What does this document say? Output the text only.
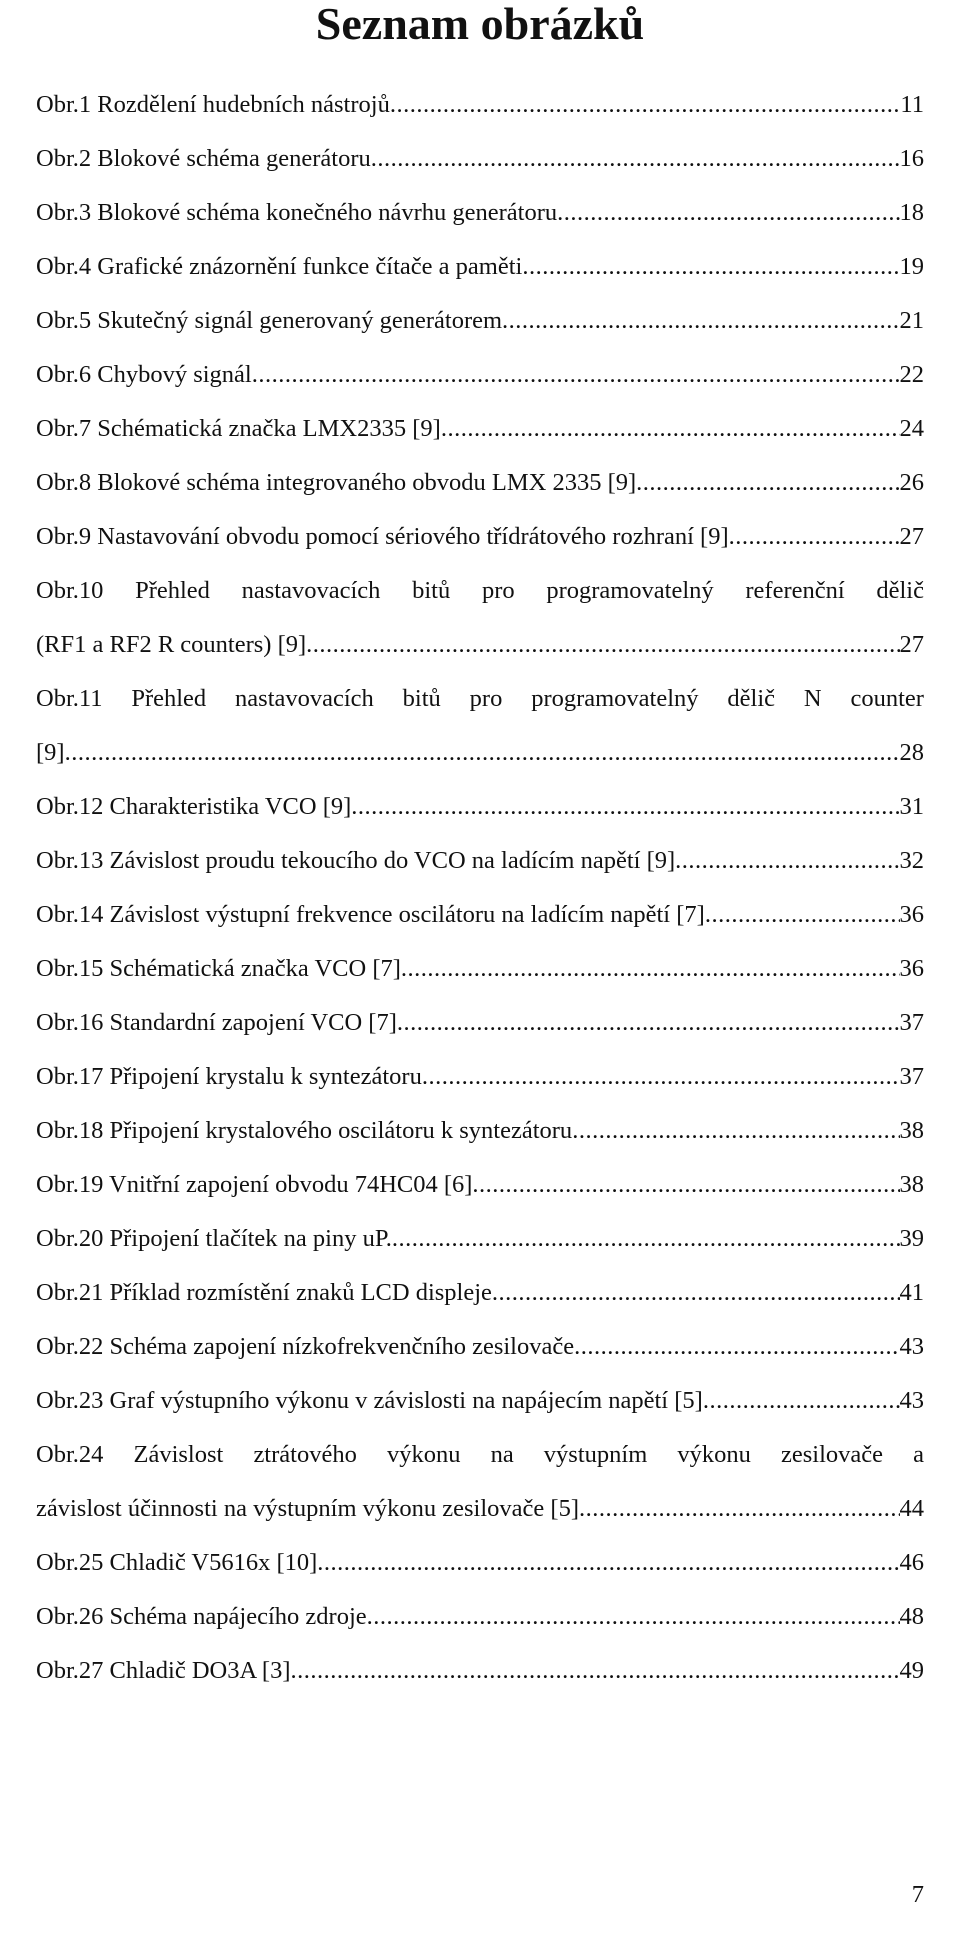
Seznam obrázků
Obr.1 Rozdělení hudebních nástrojů .....	11
Obr.2 Blokové schéma generátoru .....	16
Obr.3 Blokové schéma konečného návrhu generátoru .....	18
Obr.4 Grafické znázornění funkce čítače a paměti .....	19
Obr.5 Skutečný signál generovaný generátorem .....	21
Obr.6 Chybový signál .....	22
Obr.7 Schématická značka LMX2335 [9] .....	24
Obr.8 Blokové schéma integrovaného obvodu LMX 2335 [9] .....	26
Obr.9 Nastavování obvodu pomocí sériového třídrátového rozhraní [9] .....	27
Obr.10 Přehled nastavovacích bitů pro programovatelný referenční dělič
(RF1 a RF2 R counters) [9] .....	27
Obr.11 Přehled nastavovacích bitů pro programovatelný dělič N counter
[9] .....	28
Obr.12 Charakteristika VCO [9] .....	31
Obr.13 Závislost proudu tekoucího do VCO na ladícím napětí [9] .....	32
Obr.14 Závislost výstupní frekvence oscilátoru na ladícím napětí [7] .....	36
Obr.15 Schématická značka VCO [7] .....	36
Obr.16 Standardní zapojení VCO [7] .....	37
Obr.17 Připojení krystalu k syntezátoru .....	37
Obr.18 Připojení krystalového oscilátoru k syntezátoru .....	38
Obr.19 Vnitřní zapojení obvodu 74HC04 [6] .....	38
Obr.20 Připojení tlačítek na piny uP. .....	39
Obr.21 Příklad rozmístění znaků LCD displeje .....	41
Obr.22 Schéma zapojení nízkofrekvenčního zesilovače .....	43
Obr.23 Graf výstupního výkonu v závislosti na napájecím napětí [5] .....	43
Obr.24 Závislost ztrátového výkonu na výstupním výkonu zesilovače a
závislost účinnosti na výstupním výkonu zesilovače [5] .....	44
Obr.25 Chladič V5616x [10] .....	46
Obr.26 Schéma napájecího zdroje .....	48
Obr.27 Chladič DO3A [3] .....	49

7
